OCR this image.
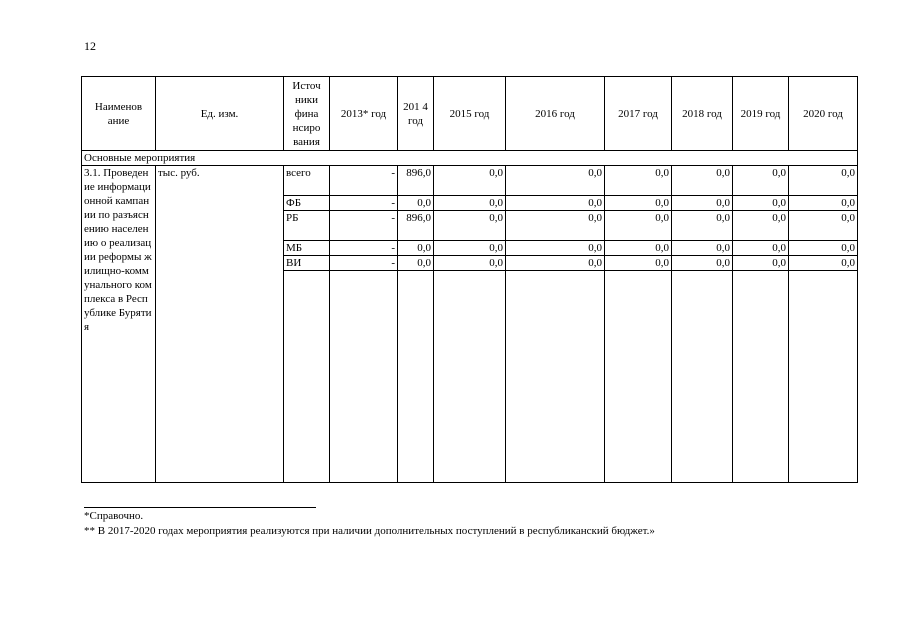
12
Наименов ание	Ед. изм.	Источ ники фина нсиро вания	2013* год	201 4 год	2015 год	2016 год	2017 год	2018 год	2019 год	2020 год
Основные мероприятия										
3.1. Проведение информационной кампании по разъяснению населению о реализации реформы жилищно-коммунального комплекса в Республике Бурятия	тыс. руб.	всего	-	896,0	0,0	0,0	0,0	0,0	0,0	0,0
		ФБ	-	0,0	0,0	0,0	0,0	0,0	0,0	0,0
		РБ	-	896,0	0,0	0,0	0,0	0,0	0,0	0,0
		МБ	-	0,0	0,0	0,0	0,0	0,0	0,0	0,0
		ВИ	-	0,0	0,0	0,0	0,0	0,0	0,0	0,0

*Справочно.
** В 2017-2020 годах мероприятия реализуются при наличии дополнительных поступлений в республиканский бюджет.»
